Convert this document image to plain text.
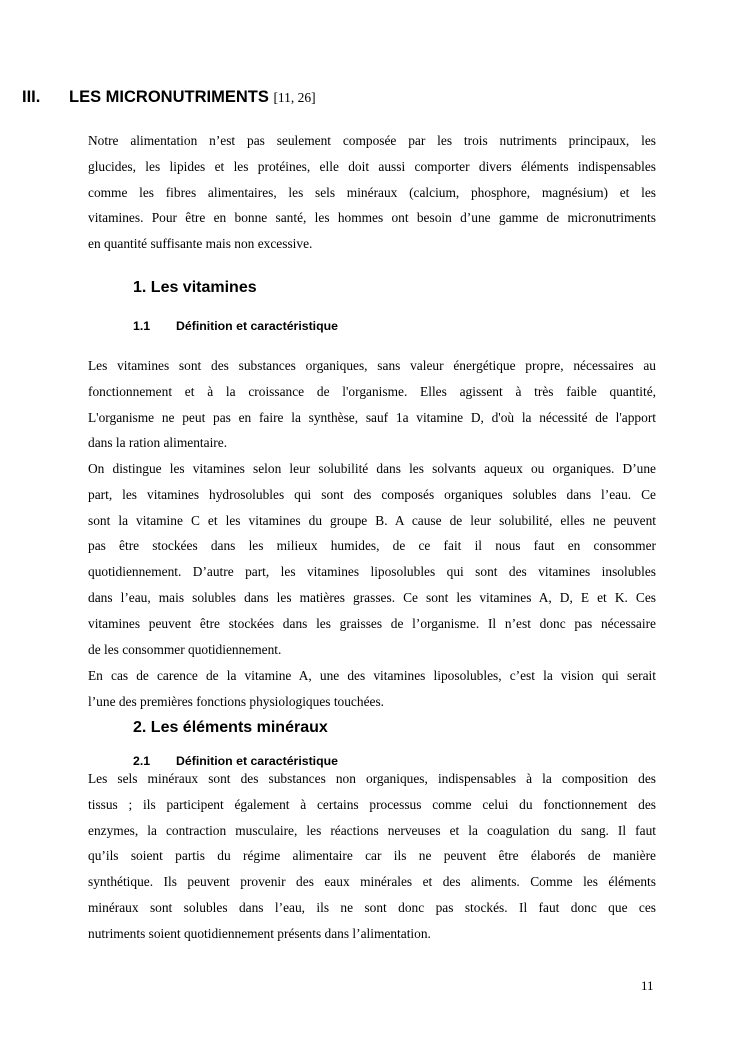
III. LES MICRONUTRIMENTS [11, 26]

Notre alimentation n’est pas seulement composée par les trois nutriments principaux, les
glucides, les lipides et les protéines, elle doit aussi comporter divers éléments indispensables
comme les fibres alimentaires, les sels minéraux (calcium, phosphore, magnésium) et les
vitamines. Pour être en bonne santé, les hommes ont besoin d’une gamme de micronutriments
en quantité suffisante mais non excessive.

1. Les vitamines
1.1 Définition et caractéristique

Les vitamines sont des substances organiques, sans valeur énergétique propre, nécessaires au
fonctionnement et à la croissance de l'organisme. Elles agissent à très faible quantité,
L'organisme ne peut pas en faire la synthèse, sauf 1a vitamine D, d'où la nécessité de l'apport
dans la ration alimentaire.

On distingue les vitamines selon leur solubilité dans les solvants aqueux ou organiques. D’une
part, les vitamines hydrosolubles qui sont des composés organiques solubles dans l’eau. Ce
sont la vitamine C et les vitamines du groupe B. A cause de leur solubilité, elles ne peuvent
pas être stockées dans les milieux humides, de ce fait il nous faut en consommer
quotidiennement. D’autre part, les vitamines liposolubles qui sont des vitamines insolubles
dans l’eau, mais solubles dans les matières grasses. Ce sont les vitamines A, D, E et K. Ces
vitamines peuvent être stockées dans les graisses de l’organisme. Il n’est donc pas nécessaire
de les consommer quotidiennement.

En cas de carence de la vitamine A, une des vitamines liposolubles, c’est la vision qui serait
l’une des premières fonctions physiologiques touchées.

2. Les éléments minéraux
2.1 Définition et caractéristique

Les sels minéraux sont des substances non organiques, indispensables à la composition des
tissus ; ils participent également à certains processus comme celui du fonctionnement des
enzymes, la contraction musculaire, les réactions nerveuses et la coagulation du sang. Il faut
qu’ils soient partis du régime alimentaire car ils ne peuvent être élaborés de manière
synthétique. Ils peuvent provenir des eaux minérales et des aliments. Comme les éléments
minéraux sont solubles dans l’eau, ils ne sont donc pas stockés. Il faut donc que ces
nutriments soient quotidiennement présents dans l’alimentation.

11
